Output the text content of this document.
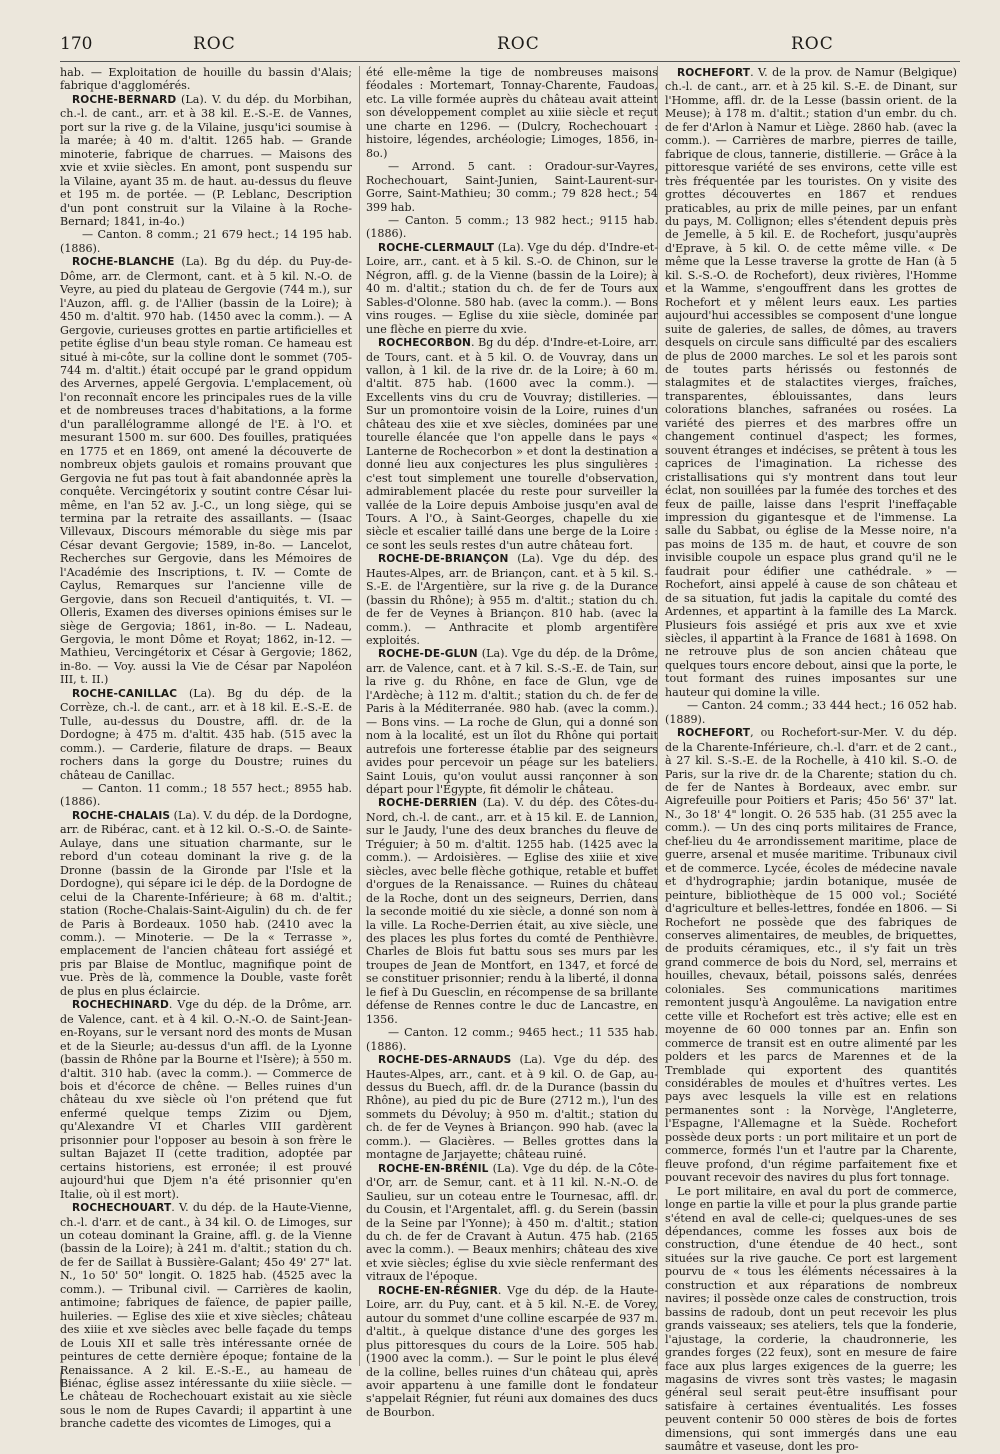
170	ROC	ROC	ROC

hab. — Exploitation de houille du bassin d'Alais; fabrique d'agglomérés.

ROCHE-BERNARD (La). V. du dép. du Morbihan, ch.-l. de cant., arr. et à 38 kil. E.-S.-E. de Vannes, port sur la rive g. de la Vilaine, jusqu'ici soumise à la marée; à 40 m. d'altit. 1265 hab. — Grande minoterie, fabrique de charrues. — Maisons des xvie et xviie siècles. En amont, pont suspendu sur la Vilaine, ayant 35 m. de haut. au-dessus du fleuve et 195 m. de portée. — (P. Leblanc, Description d'un pont construit sur la Vilaine à la Roche-Bernard; 1841, in-4o.)

— Canton. 8 comm.; 21 679 hect.; 14 195 hab. (1886).

ROCHE-BLANCHE (La). Bg du dép. du Puy-de-Dôme, arr. de Clermont, cant. et à 5 kil. N.-O. de Veyre, au pied du plateau de Gergovie (744 m.), sur l'Auzon, affl. g. de l'Allier (bassin de la Loire); à 450 m. d'altit. 970 hab. (1450 avec la comm.). — A Gergovie, curieuses grottes en partie artificielles et petite église d'un beau style roman. Ce hameau est situé à mi-côte, sur la colline dont le sommet (705-744 m. d'altit.) était occupé par le grand oppidum des Arvernes, appelé Gergovia. L'emplacement, où l'on reconnaît encore les principales rues de la ville et de nombreuses traces d'habitations, a la forme d'un parallélogramme allongé de l'E. à l'O. et mesurant 1500 m. sur 600. Des fouilles, pratiquées en 1775 et en 1869, ont amené la découverte de nombreux objets gaulois et romains prouvant que Gergovia ne fut pas tout à fait abandonnée après la conquête. Vercingétorix y soutint contre César lui-même, en l'an 52 av. J.-C., un long siège, qui se termina par la retraite des assaillants. — (Isaac Villevaux, Discours mémorable du siège mis par César devant Gergovie; 1589, in-8o. — Lancelot, Recherches sur Gergovie, dans les Mémoires de l'Académie des Inscriptions, t. IV. — Comte de Caylus, Remarques sur l'ancienne ville de Gergovie, dans son Recueil d'antiquités, t. VI. — Olleris, Examen des diverses opinions émises sur le siège de Gergovia; 1861, in-8o. — L. Nadeau, Gergovia, le mont Dôme et Royat; 1862, in-12. — Mathieu, Vercingétorix et César à Gergovie; 1862, in-8o. — Voy. aussi la Vie de César par Napoléon III, t. II.)

ROCHE-CANILLAC (La). Bg du dép. de la Corrèze, ch.-l. de cant., arr. et à 18 kil. E.-S.-E. de Tulle, au-dessus du Doustre, affl. dr. de la Dordogne; à 475 m. d'altit. 435 hab. (515 avec la comm.). — Carderie, filature de draps. — Beaux rochers dans la gorge du Doustre; ruines du château de Canillac.

— Canton. 11 comm.; 18 557 hect.; 8955 hab. (1886).

ROCHE-CHALAIS (La). V. du dép. de la Dordogne, arr. de Ribérac, cant. et à 12 kil. O.-S.-O. de Sainte-Aulaye, dans une situation charmante, sur le rebord d'un coteau dominant la rive g. de la Dronne (bassin de la Gironde par l'Isle et la Dordogne), qui sépare ici le dép. de la Dordogne de celui de la Charente-Inférieure; à 68 m. d'altit.; station (Roche-Chalais-Saint-Aigulin) du ch. de fer de Paris à Bordeaux. 1050 hab. (2410 avec la comm.). — Minoterie. — De la « Terrasse », emplacement de l'ancien château fort assiégé et pris par Blaise de Montluc, magnifique point de vue. Près de là, commence la Double, vaste forêt de plus en plus éclaircie.

ROCHECHINARD. Vge du dép. de la Drôme, arr. de Valence, cant. et à 4 kil. O.-N.-O. de Saint-Jean-en-Royans, sur le versant nord des monts de Musan et de la Sieurle; au-dessus d'un affl. de la Lyonne (bassin de Rhône par la Bourne et l'Isère); à 550 m. d'altit. 310 hab. (avec la comm.). — Commerce de bois et d'écorce de chêne. — Belles ruines d'un château du xve siècle où l'on prétend que fut enfermé quelque temps Zizim ou Djem, qu'Alexandre VI et Charles VIII gardèrent prisonnier pour l'opposer au besoin à son frère le sultan Bajazet II (cette tradition, adoptée par certains historiens, est erronée; il est prouvé aujourd'hui que Djem n'a été prisonnier qu'en Italie, où il est mort).

ROCHECHOUART. V. du dép. de la Haute-Vienne, ch.-l. d'arr. et de cant., à 34 kil. O. de Limoges, sur un coteau dominant la Graine, affl. g. de la Vienne (bassin de la Loire); à 241 m. d'altit.; station du ch. de fer de Saillat à Bussière-Galant; 45o 49' 27" lat. N., 1o 50' 50" longit. O. 1825 hab. (4525 avec la comm.). — Tribunal civil. — Carrières de kaolin, antimoine; fabriques de faïence, de papier paille, huileries. — Eglise des xiie et xive siècles; château des xiiie et xve siècles avec belle façade du temps de Louis XII et salle très intéressante ornée de peintures de cette dernière époque; fontaine de la Renaissance. A 2 kil. E.-S.-E., au hameau de Biénac, église assez intéressante du xiiie siècle. — Le château de Rochechouart existait au xie siècle sous le nom de Rupes Cavardi; il appartint à une branche cadette des vicomtes de Limoges, qui a

été elle-même la tige de nombreuses maisons féodales : Mortemart, Tonnay-Charente, Faudoas, etc. La ville formée auprès du château avait atteint son développement complet au xiiie siècle et reçut une charte en 1296. — (Dulcry, Rochechouart : histoire, légendes, archéologie; Limoges, 1856, in-8o.)

— Arrond. 5 cant. : Oradour-sur-Vayres, Rochechouart, Saint-Junien, Saint-Laurent-sur-Gorre, Saint-Mathieu; 30 comm.; 79 828 hect.; 54 399 hab.

— Canton. 5 comm.; 13 982 hect.; 9115 hab. (1886).

ROCHE-CLERMAULT (La). Vge du dép. d'Indre-et-Loire, arr., cant. et à 5 kil. S.-O. de Chinon, sur le Négron, affl. g. de la Vienne (bassin de la Loire); à 40 m. d'altit.; station du ch. de fer de Tours aux Sables-d'Olonne. 580 hab. (avec la comm.). — Bons vins rouges. — Eglise du xiie siècle, dominée par une flèche en pierre du xvie.

ROCHECORBON. Bg du dép. d'Indre-et-Loire, arr. de Tours, cant. et à 5 kil. O. de Vouvray, dans un vallon, à 1 kil. de la rive dr. de la Loire; à 60 m. d'altit. 875 hab. (1600 avec la comm.). — Excellents vins du cru de Vouvray; distilleries. — Sur un promontoire voisin de la Loire, ruines d'un château des xiie et xve siècles, dominées par une tourelle élancée que l'on appelle dans le pays « Lanterne de Rochecorbon » et dont la destination a donné lieu aux conjectures les plus singulières : c'est tout simplement une tourelle d'observation, admirablement placée du reste pour surveiller la vallée de la Loire depuis Amboise jusqu'en aval de Tours. A l'O., à Saint-Georges, chapelle du xie siècle et escalier taillé dans une berge de la Loire : ce sont les seuls restes d'un autre château fort.

ROCHE-DE-BRIANÇON (La). Vge du dép. des Hautes-Alpes, arr. de Briançon, cant. et à 5 kil. S.-S.-E. de l'Argentière, sur la rive g. de la Durance (bassin du Rhône); à 955 m. d'altit.; station du ch. de fer de Veynes à Briançon. 810 hab. (avec la comm.). — Anthracite et plomb argentifère exploités.

ROCHE-DE-GLUN (La). Vge du dép. de la Drôme, arr. de Valence, cant. et à 7 kil. S.-S.-E. de Tain, sur la rive g. du Rhône, en face de Glun, vge de l'Ardèche; à 112 m. d'altit.; station du ch. de fer de Paris à la Méditerranée. 980 hab. (avec la comm.). — Bons vins. — La roche de Glun, qui a donné son nom à la localité, est un îlot du Rhône qui portait autrefois une forteresse établie par des seigneurs avides pour percevoir un péage sur les bateliers. Saint Louis, qu'on voulut aussi rançonner à son départ pour l'Égypte, fit démolir le château.

ROCHE-DERRIEN (La). V. du dép. des Côtes-du-Nord, ch.-l. de cant., arr. et à 15 kil. E. de Lannion, sur le Jaudy, l'une des deux branches du fleuve de Tréguier; à 50 m. d'altit. 1255 hab. (1425 avec la comm.). — Ardoisières. — Eglise des xiiie et xive siècles, avec belle flèche gothique, retable et buffet d'orgues de la Renaissance. — Ruines du château de la Roche, dont un des seigneurs, Derrien, dans la seconde moitié du xie siècle, a donné son nom à la ville. La Roche-Derrien était, au xive siècle, une des places les plus fortes du comté de Penthièvre. Charles de Blois fut battu sous ses murs par les troupes de Jean de Montfort, en 1347, et forcé de se constituer prisonnier; rendu à la liberté, il donna le fief à Du Guesclin, en récompense de sa brillante défense de Rennes contre le duc de Lancastre, en 1356.

— Canton. 12 comm.; 9465 hect.; 11 535 hab. (1886).

ROCHE-DES-ARNAUDS (La). Vge du dép. des Hautes-Alpes, arr., cant. et à 9 kil. O. de Gap, au-dessus du Buech, affl. dr. de la Durance (bassin du Rhône), au pied du pic de Bure (2712 m.), l'un des sommets du Dévoluy; à 950 m. d'altit.; station du ch. de fer de Veynes à Briançon. 990 hab. (avec la comm.). — Glacières. — Belles grottes dans la montagne de Jarjayette; château ruiné.

ROCHE-EN-BRÉNIL (La). Vge du dép. de la Côte-d'Or, arr. de Semur, cant. et à 11 kil. N.-N.-O. de Saulieu, sur un coteau entre le Tournesac, affl. dr. du Cousin, et l'Argentalet, affl. g. du Serein (bassin de la Seine par l'Yonne); à 450 m. d'altit.; station du ch. de fer de Cravant à Autun. 475 hab. (2165 avec la comm.). — Beaux menhirs; château des xive et xvie siècles; église du xvie siècle renfermant des vitraux de l'époque.

ROCHE-EN-RÉGNIER. Vge du dép. de la Haute-Loire, arr. du Puy, cant. et à 5 kil. N.-E. de Vorey, autour du sommet d'une colline escarpée de 937 m. d'altit., à quelque distance d'une des gorges les plus pittoresques du cours de la Loire. 505 hab. (1900 avec la comm.). — Sur le point le plus élevé de la colline, belles ruines d'un château qui, après avoir appartenu à une famille dont le fondateur s'appelait Régnier, fut réuni aux domaines des ducs de Bourbon.

ROCHEFORT. V. de la prov. de Namur (Belgique) ch.-l. de cant., arr. et à 25 kil. S.-E. de Dinant, sur l'Homme, affl. dr. de la Lesse (bassin orient. de la Meuse); à 178 m. d'altit.; station d'un embr. du ch. de fer d'Arlon à Namur et Liège. 2860 hab. (avec la comm.). — Carrières de marbre, pierres de taille, fabrique de clous, tannerie, distillerie. — Grâce à la pittoresque variété de ses environs, cette ville est très fréquentée par les touristes. On y visite des grottes découvertes en 1867 et rendues praticables, au prix de mille peines, par un enfant du pays, M. Collignon; elles s'étendent depuis près de Jemelle, à 5 kil. E. de Rochefort, jusqu'auprès d'Eprave, à 5 kil. O. de cette même ville. « De même que la Lesse traverse la grotte de Han (à 5 kil. S.-S.-O. de Rochefort), deux rivières, l'Homme et la Wamme, s'engouffrent dans les grottes de Rochefort et y mêlent leurs eaux. Les parties aujourd'hui accessibles se composent d'une longue suite de galeries, de salles, de dômes, au travers desquels on circule sans difficulté par des escaliers de plus de 2000 marches. Le sol et les parois sont de toutes parts hérissés ou festonnés de stalagmites et de stalactites vierges, fraîches, transparentes, éblouissantes, dans leurs colorations blanches, safranées ou rosées. La variété des pierres et des marbres offre un changement continuel d'aspect; les formes, souvent étranges et indécises, se prêtent à tous les caprices de l'imagination. La richesse des cristallisations qui s'y montrent dans tout leur éclat, non souillées par la fumée des torches et des feux de paille, laisse dans l'esprit l'ineffaçable impression du gigantesque et de l'immense. La salle du Sabbat, ou église de la Messe noire, n'a pas moins de 135 m. de haut, et couvre de son invisible coupole un espace plus grand qu'il ne le faudrait pour édifier une cathédrale. » — Rochefort, ainsi appelé à cause de son château et de sa situation, fut jadis la capitale du comté des Ardennes, et appartint à la famille des La Marck. Plusieurs fois assiégé et pris aux xve et xvie siècles, il appartint à la France de 1681 à 1698. On ne retrouve plus de son ancien château que quelques tours encore debout, ainsi que la porte, le tout formant des ruines imposantes sur une hauteur qui domine la ville.

— Canton. 24 comm.; 33 444 hect.; 16 052 hab. (1889).

ROCHEFORT, ou Rochefort-sur-Mer. V. du dép. de la Charente-Inférieure, ch.-l. d'arr. et de 2 cant., à 27 kil. S.-S.-E. de la Rochelle, à 410 kil. S.-O. de Paris, sur la rive dr. de la Charente; station du ch. de fer de Nantes à Bordeaux, avec embr. sur Aigrefeuille pour Poitiers et Paris; 45o 56' 37" lat. N., 3o 18' 4" longit. O. 26 535 hab. (31 255 avec la comm.). — Un des cinq ports militaires de France, chef-lieu du 4e arrondissement maritime, place de guerre, arsenal et musée maritime. Tribunaux civil et de commerce. Lycée, écoles de médecine navale et d'hydrographie; jardin botanique, musée de peinture, bibliothèque de 15 000 vol.; Société d'agriculture et belles-lettres, fondée en 1806. — Si Rochefort ne possède que des fabriques de conserves alimentaires, de meubles, de briquettes, de produits céramiques, etc., il s'y fait un très grand commerce de bois du Nord, sel, merrains et houilles, chevaux, bétail, poissons salés, denrées coloniales. Ses communications maritimes remontent jusqu'à Angoulême. La navigation entre cette ville et Rochefort est très active; elle est en moyenne de 60 000 tonnes par an. Enfin son commerce de transit est en outre alimenté par les polders et les parcs de Marennes et de la Tremblade qui exportent des quantités considérables de moules et d'huîtres vertes. Les pays avec lesquels la ville est en relations permanentes sont : la Norvège, l'Angleterre, l'Espagne, l'Allemagne et la Suède. Rochefort possède deux ports : un port militaire et un port de commerce, formés l'un et l'autre par la Charente, fleuve profond, d'un régime parfaitement fixe et pouvant recevoir des navires du plus fort tonnage.

Le port militaire, en aval du port de commerce, longe en partie la ville et pour la plus grande partie s'étend en aval de celle-ci; quelques-unes de ses dépendances, comme les fosses aux bois de construction, d'une étendue de 40 hect., sont situées sur la rive gauche. Ce port est largement pourvu de « tous les éléments nécessaires à la construction et aux réparations de nombreux navires; il possède onze cales de construction, trois bassins de radoub, dont un peut recevoir les plus grands vaisseaux; ses ateliers, tels que la fonderie, l'ajustage, la corderie, la chaudronnerie, les grandes forges (22 feux), sont en mesure de faire face aux plus larges exigences de la guerre; les magasins de vivres sont très vastes; le magasin général seul serait peut-être insuffisant pour satisfaire à certaines éventualités. Les fosses peuvent contenir 50 000 stères de bois de fortes dimensions, qui sont immergés dans une eau saumâtre et vaseuse, dont les pro-
